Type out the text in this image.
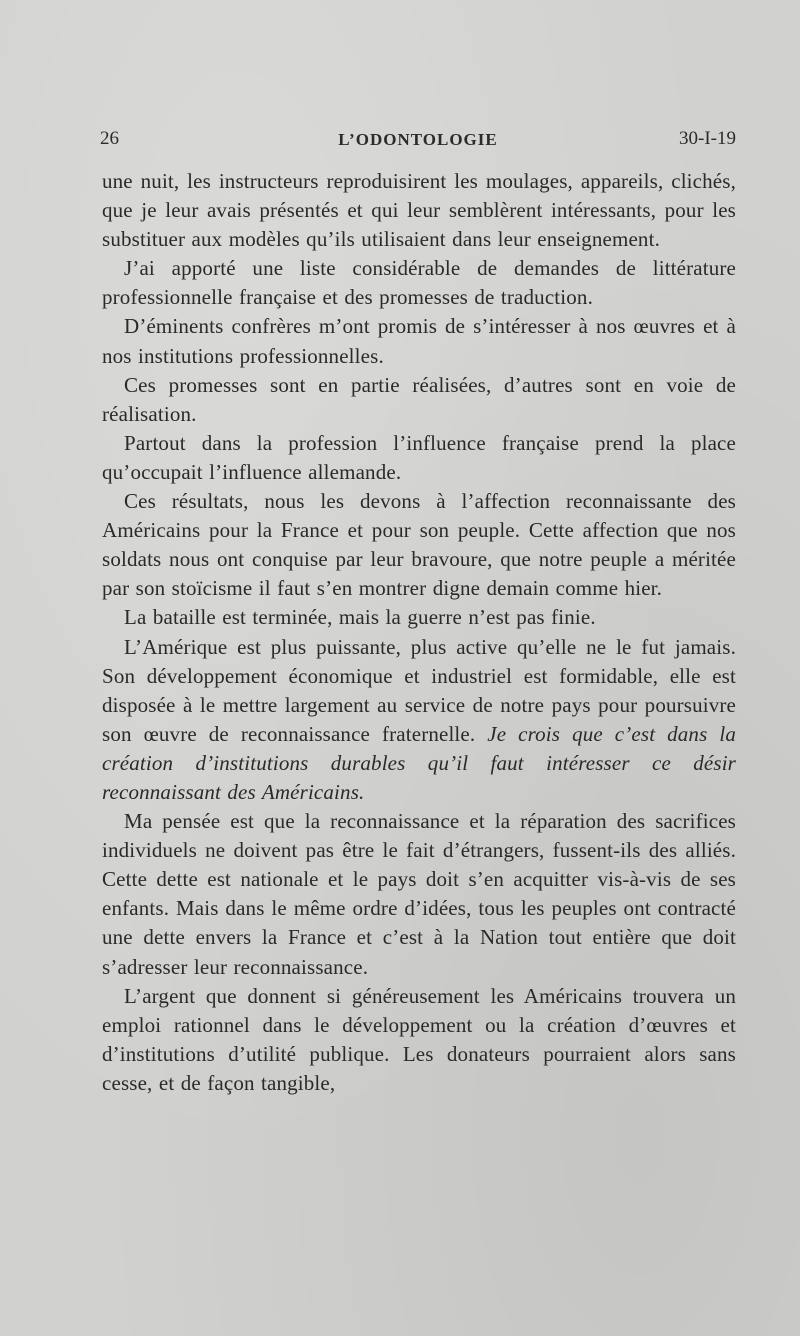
26	L’ODONTOLOGIE	30-I-19

une nuit, les instructeurs reproduisirent les moulages, appareils, clichés, que je leur avais présentés et qui leur semblèrent intéressants, pour les substituer aux modèles qu’ils utilisaient dans leur enseignement.

J’ai apporté une liste considérable de demandes de littérature professionnelle française et des promesses de traduction.

D’éminents confrères m’ont promis de s’intéresser à nos œuvres et à nos institutions professionnelles.

Ces promesses sont en partie réalisées, d’autres sont en voie de réalisation.

Partout dans la profession l’influence française prend la place qu’occupait l’influence allemande.

Ces résultats, nous les devons à l’affection reconnaissante des Américains pour la France et pour son peuple. Cette affection que nos soldats nous ont conquise par leur bravoure, que notre peuple a méritée par son stoïcisme il faut s’en montrer digne demain comme hier.

La bataille est terminée, mais la guerre n’est pas finie.

L’Amérique est plus puissante, plus active qu’elle ne le fut jamais. Son développement économique et industriel est formidable, elle est disposée à le mettre largement au service de notre pays pour poursuivre son œuvre de reconnaissance fraternelle. Je crois que c’est dans la création d’institutions durables qu’il faut intéresser ce désir reconnaissant des Américains.

Ma pensée est que la reconnaissance et la réparation des sacrifices individuels ne doivent pas être le fait d’étrangers, fussent-ils des alliés. Cette dette est nationale et le pays doit s’en acquitter vis-à-vis de ses enfants. Mais dans le même ordre d’idées, tous les peuples ont contracté une dette envers la France et c’est à la Nation tout entière que doit s’adresser leur reconnaissance.

L’argent que donnent si généreusement les Américains trouvera un emploi rationnel dans le développement ou la création d’œuvres et d’institutions d’utilité publique. Les donateurs pourraient alors sans cesse, et de façon tangible,
